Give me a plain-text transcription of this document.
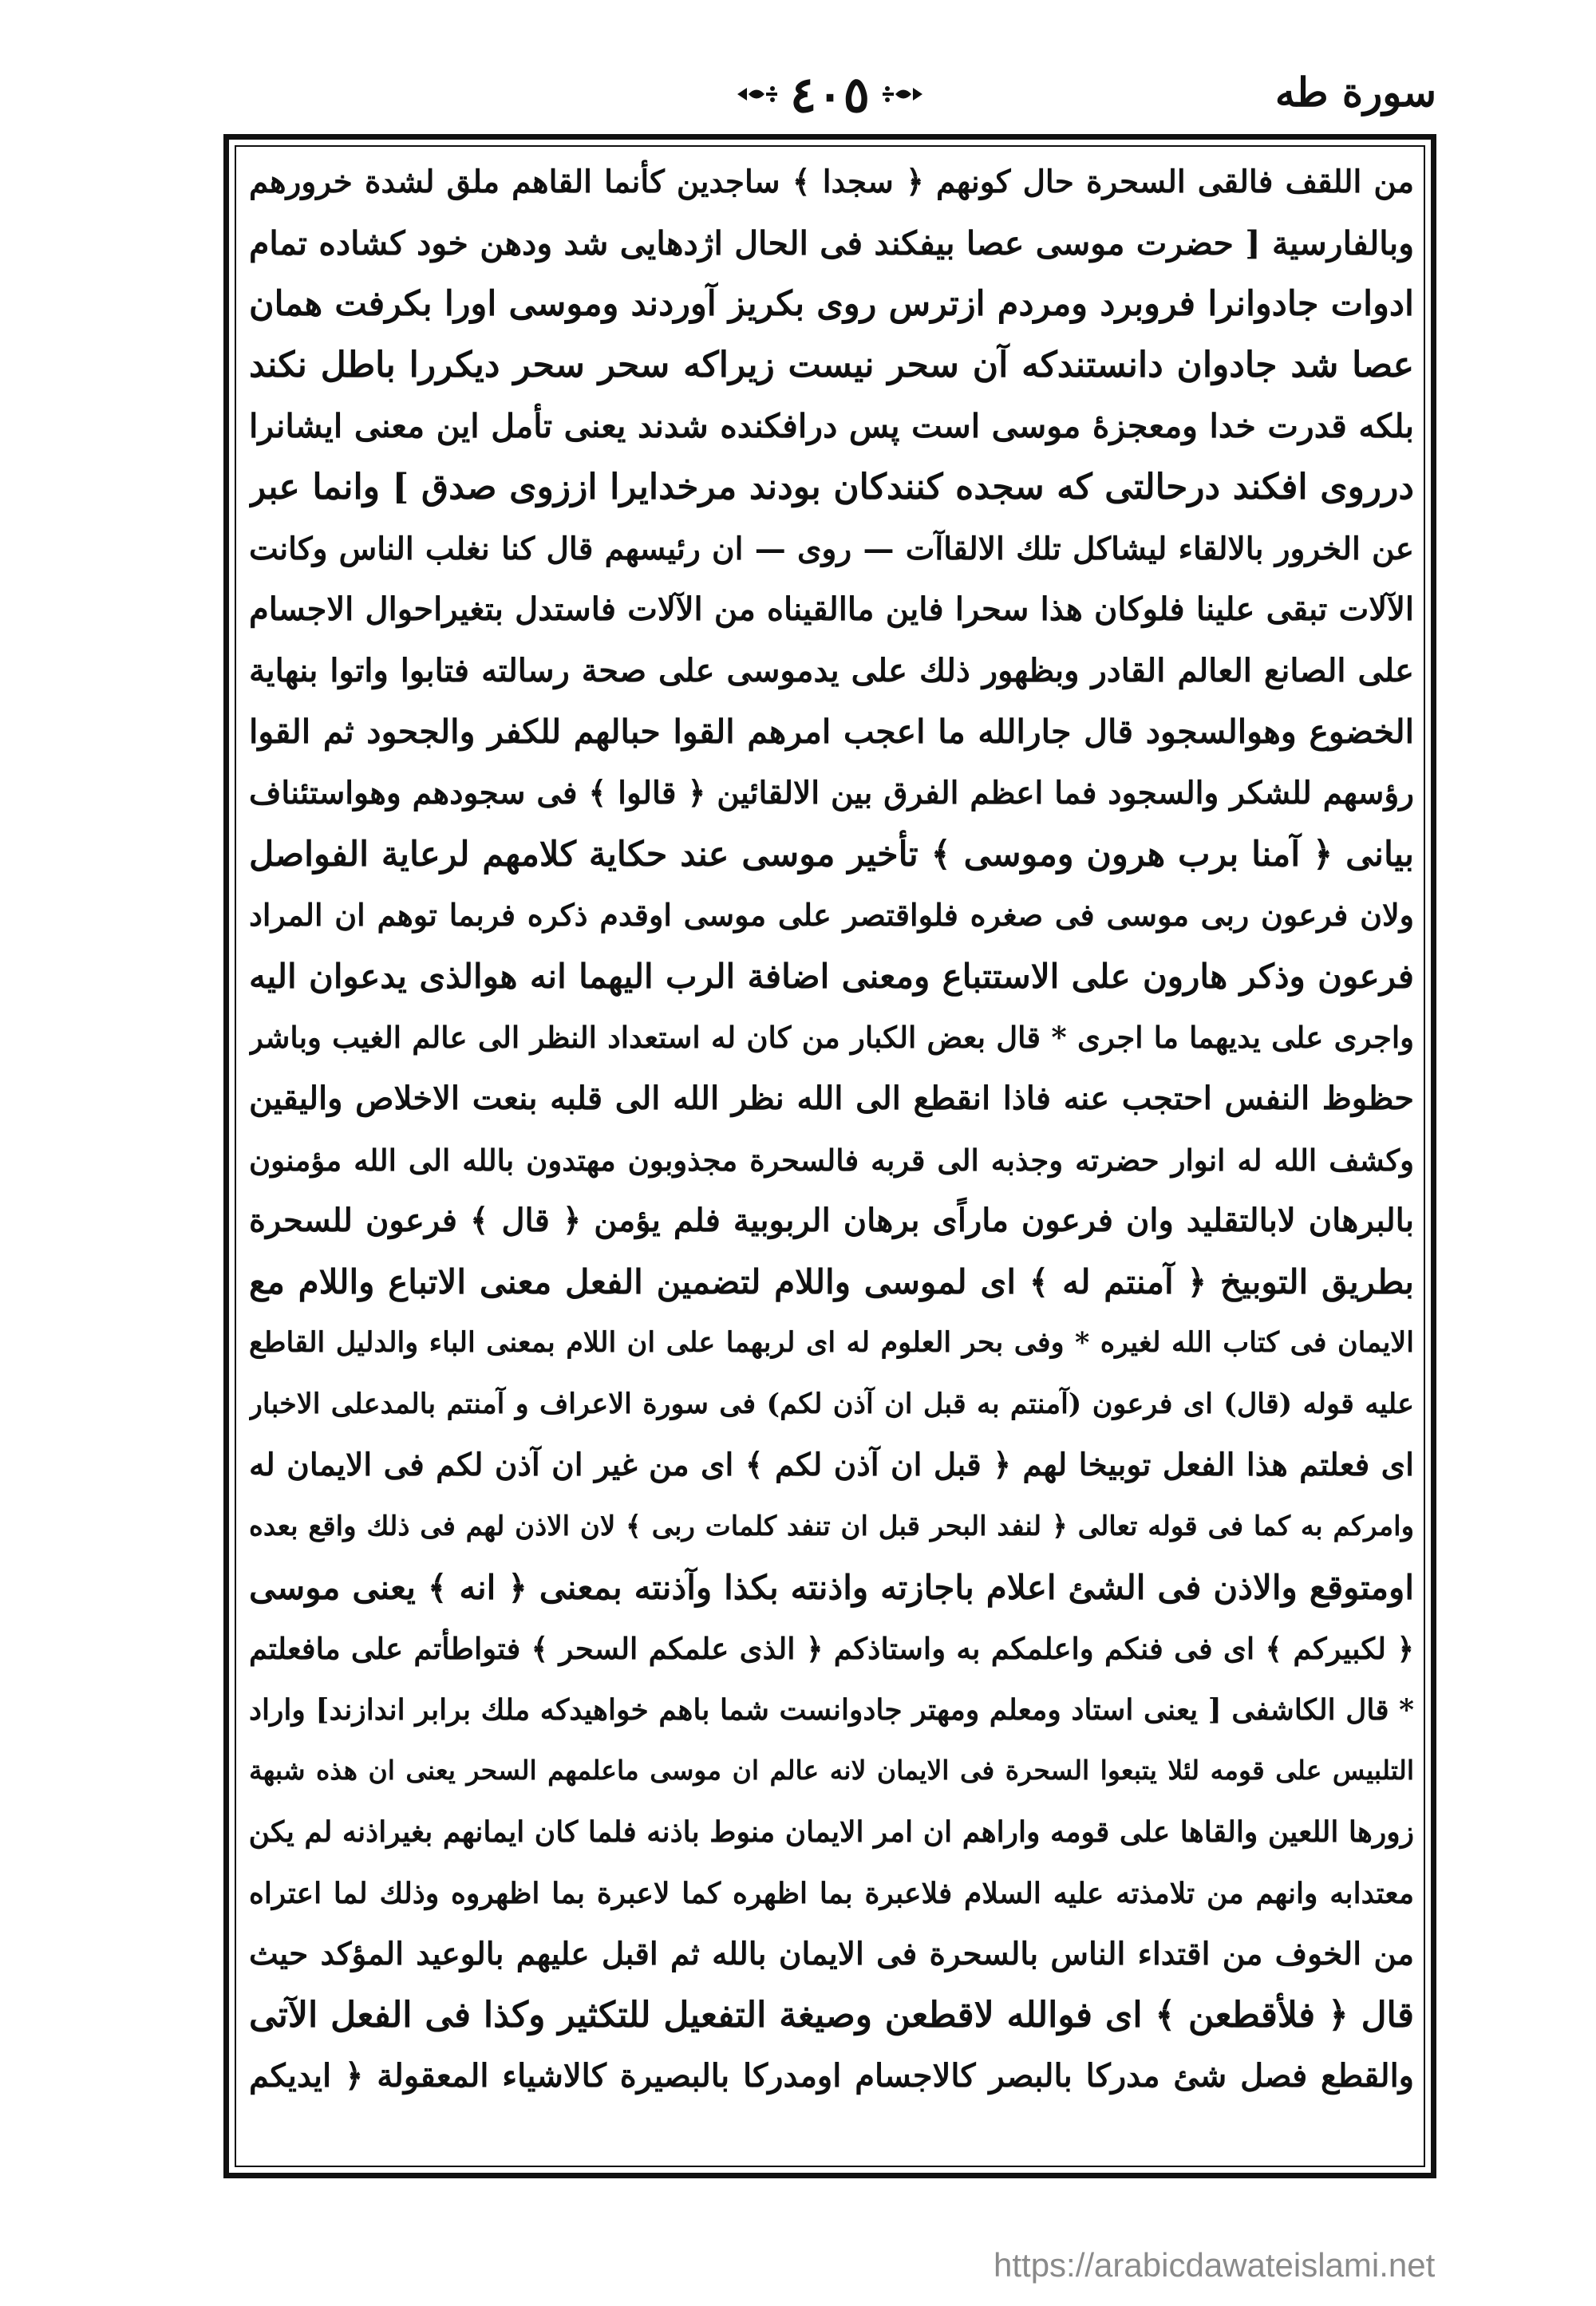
سورة طه
٤٠٥
من اللقف فالقى السحرة حال كونهم ﴿ سجدا ﴾ ساجدين كأنما القاهم ملق لشدة خرورهم
وبالفارسية [ حضرت موسى عصا بيفكند فى الحال اژدهايى شد ودهن خود كشاده تمام
ادوات جادوانرا فروبرد ومردم ازترس روى بكريز آوردند وموسى اورا بكرفت همان
عصا شد جادوان دانستندكه آن سحر نيست زيراكه سحر سحر ديكررا باطل نكند
بلكه قدرت خدا ومعجزهٔ موسى است پس درافكنده شدند يعنى تأمل اين معنى ايشانرا
درروى افكند درحالتى كه سجده كنندكان بودند مرخدايرا اززوى صدق ] وانما عبر
عن الخرور بالالقاء ليشاكل تلك الالقاآت — روى — ان رئيسهم قال كنا نغلب الناس وكانت
الآلات تبقى علينا فلوكان هذا سحرا فاين ماالقيناه من الآلات فاستدل بتغيراحوال الاجسام
على الصانع العالم القادر وبظهور ذلك على يدموسى على صحة رسالته فتابوا واتوا بنهاية
الخضوع وهوالسجود قال جارالله ما اعجب امرهم القوا حبالهم للكفر والجحود ثم القوا
رؤسهم للشكر والسجود فما اعظم الفرق بين الالقائين ﴿ قالوا ﴾ فى سجودهم وهواستئناف
بيانى ﴿ آمنا برب هرون وموسى ﴾ تأخير موسى عند حكاية كلامهم لرعاية الفواصل
ولان فرعون ربى موسى فى صغره فلواقتصر على موسى اوقدم ذكره فربما توهم ان المراد
فرعون وذكر هارون على الاستتباع ومعنى اضافة الرب اليهما انه هوالذى يدعوان اليه
واجرى على يديهما ما اجرى * قال بعض الكبار من كان له استعداد النظر الى عالم الغيب وباشر
حظوظ النفس احتجب عنه فاذا انقطع الى الله نظر الله الى قلبه بنعت الاخلاص واليقين
وكشف الله له انوار حضرته وجذبه الى قربه فالسحرة مجذوبون مهتدون بالله الى الله مؤمنون
بالبرهان لابالتقليد وان فرعون ماراًى برهان الربوبية فلم يؤمن ﴿ قال ﴾ فرعون للسحرة
بطريق التوبيخ ﴿ آمنتم له ﴾ اى لموسى واللام لتضمين الفعل معنى الاتباع واللام مع
الايمان فى كتاب الله لغيره * وفى بحر العلوم له اى لربهما على ان اللام بمعنى الباء والدليل القاطع
عليه قوله (قال) اى فرعون (آمنتم به قبل ان آذن لكم) فى سورة الاعراف و آمنتم بالمدعلى الاخبار
اى فعلتم هذا الفعل توبيخا لهم ﴿ قبل ان آذن لكم ﴾ اى من غير ان آذن لكم فى الايمان له
وامركم به كما فى قوله تعالى ﴿ لنفد البحر قبل ان تنفد كلمات ربى ﴾ لان الاذن لهم فى ذلك واقع بعده
اومتوقع والاذن فى الشئ اعلام باجازته واذنته بكذا وآذنته بمعنى ﴿ انه ﴾ يعنى موسى
﴿ لكبيركم ﴾ اى فى فنكم واعلمكم به واستاذكم ﴿ الذى علمكم السحر ﴾ فتواطأتم على مافعلتم
* قال الكاشفى [ يعنى استاد ومعلم ومهتر جادوانست شما باهم خواهيدكه ملك برابر اندازند] واراد
التلبيس على قومه لئلا يتبعوا السحرة فى الايمان لانه عالم ان موسى ماعلمهم السحر يعنى ان هذه شبهة
زورها اللعين والقاها على قومه واراهم ان امر الايمان منوط باذنه فلما كان ايمانهم بغيراذنه لم يكن
معتدابه وانهم من تلامذته عليه السلام فلاعبرة بما اظهره كما لاعبرة بما اظهروه وذلك لما اعتراه
من الخوف من اقتداء الناس بالسحرة فى الايمان بالله ثم اقبل عليهم بالوعيد المؤكد حيث
قال ﴿ فلأقطعن ﴾ اى فوالله لاقطعن وصيغة التفعيل للتكثير وكذا فى الفعل الآتى
والقطع فصل شئ مدركا بالبصر كالاجسام اومدركا بالبصيرة كالاشياء المعقولة ﴿ ايديكم
https://arabicdawateislami.net
